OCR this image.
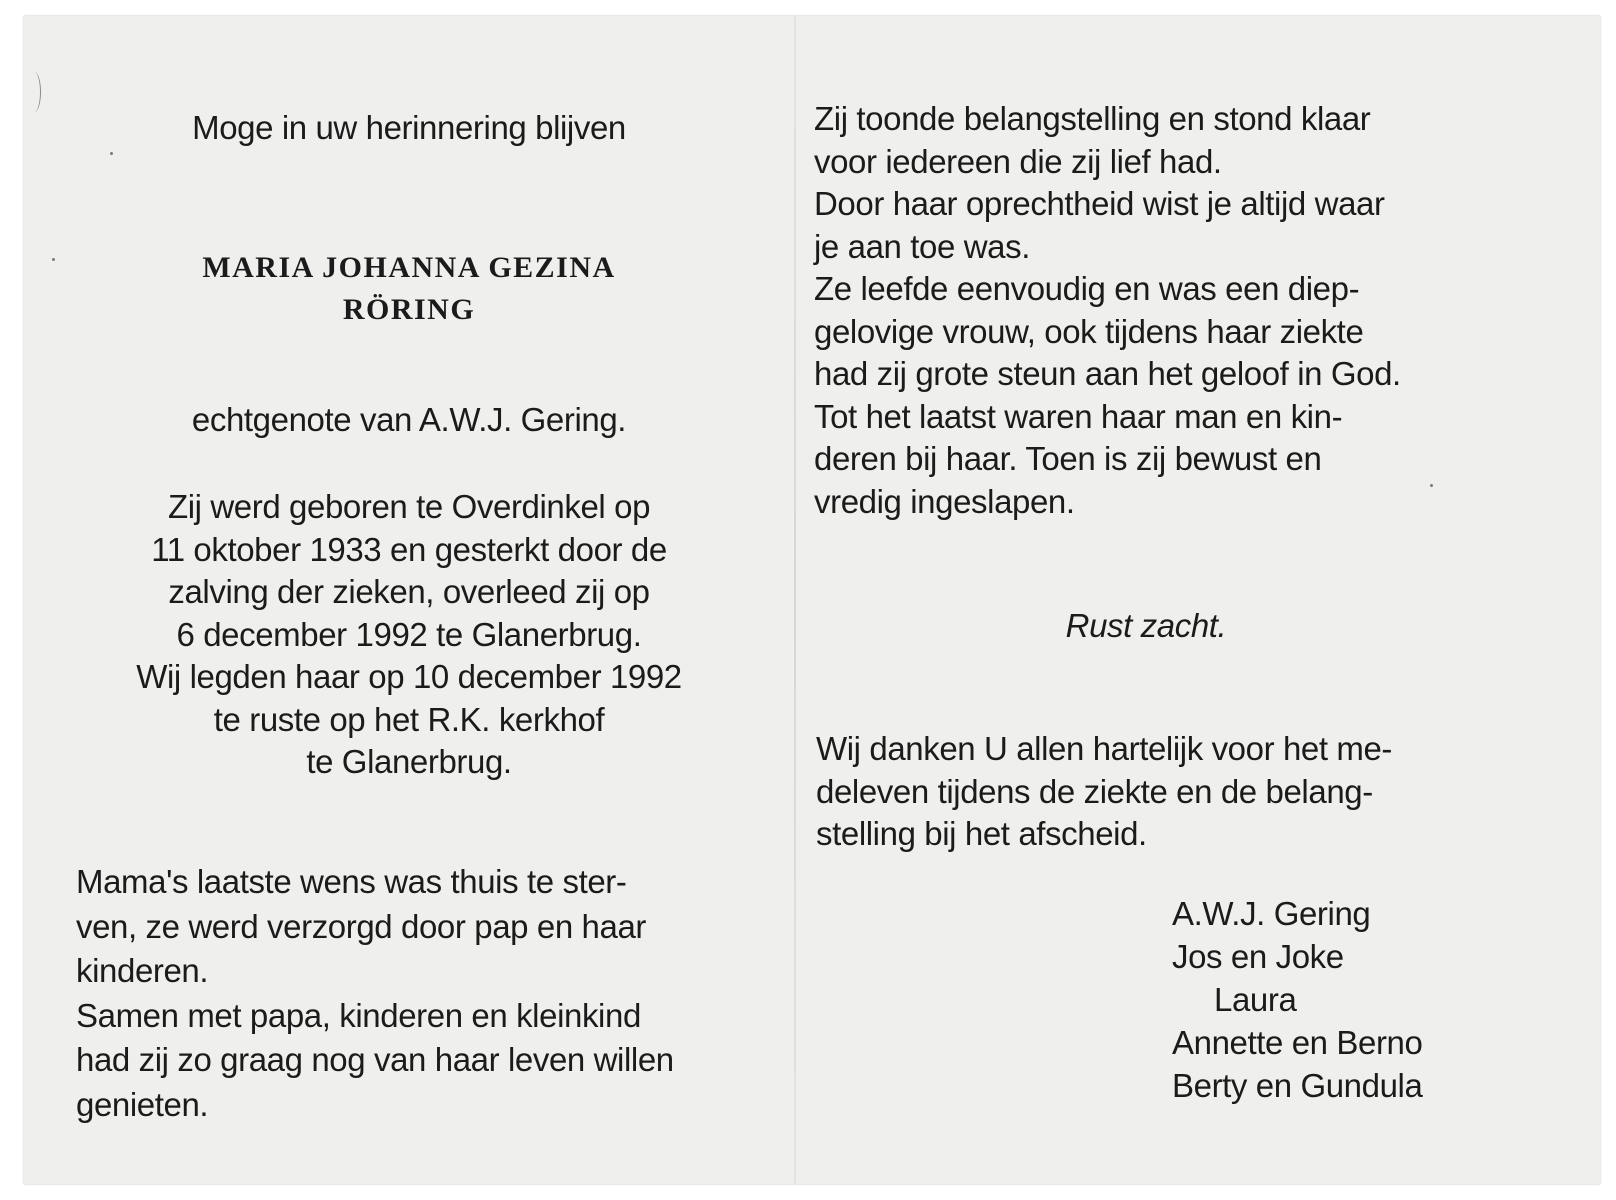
Moge in uw herinnering blijven
MARIA JOHANNA GEZINA
RÖRING
echtgenote van A.W.J. Gering.
Zij werd geboren te Overdinkel op
11 oktober 1933 en gesterkt door de
zalving der zieken, overleed zij op
6 december 1992 te Glanerbrug.
Wij legden haar op 10 december 1992
te ruste op het R.K. kerkhof
te Glanerbrug.
Mama's laatste wens was thuis te ster-
ven, ze werd verzorgd door pap en haar
kinderen.
Samen met papa, kinderen en kleinkind
had zij zo graag nog van haar leven willen
genieten.
Zij toonde belangstelling en stond klaar
voor iedereen die zij lief had.
Door haar oprechtheid wist je altijd waar
je aan toe was.
Ze leefde eenvoudig en was een diep-
gelovige vrouw, ook tijdens haar ziekte
had zij grote steun aan het geloof in God.
Tot het laatst waren haar man en kin-
deren bij haar. Toen is zij bewust en
vredig ingeslapen.
Rust zacht.
Wij danken U allen hartelijk voor het me-
deleven tijdens de ziekte en de belang-
stelling bij het afscheid.
A.W.J. Gering
Jos en Joke
Laura
Annette en Berno
Berty en Gundula
